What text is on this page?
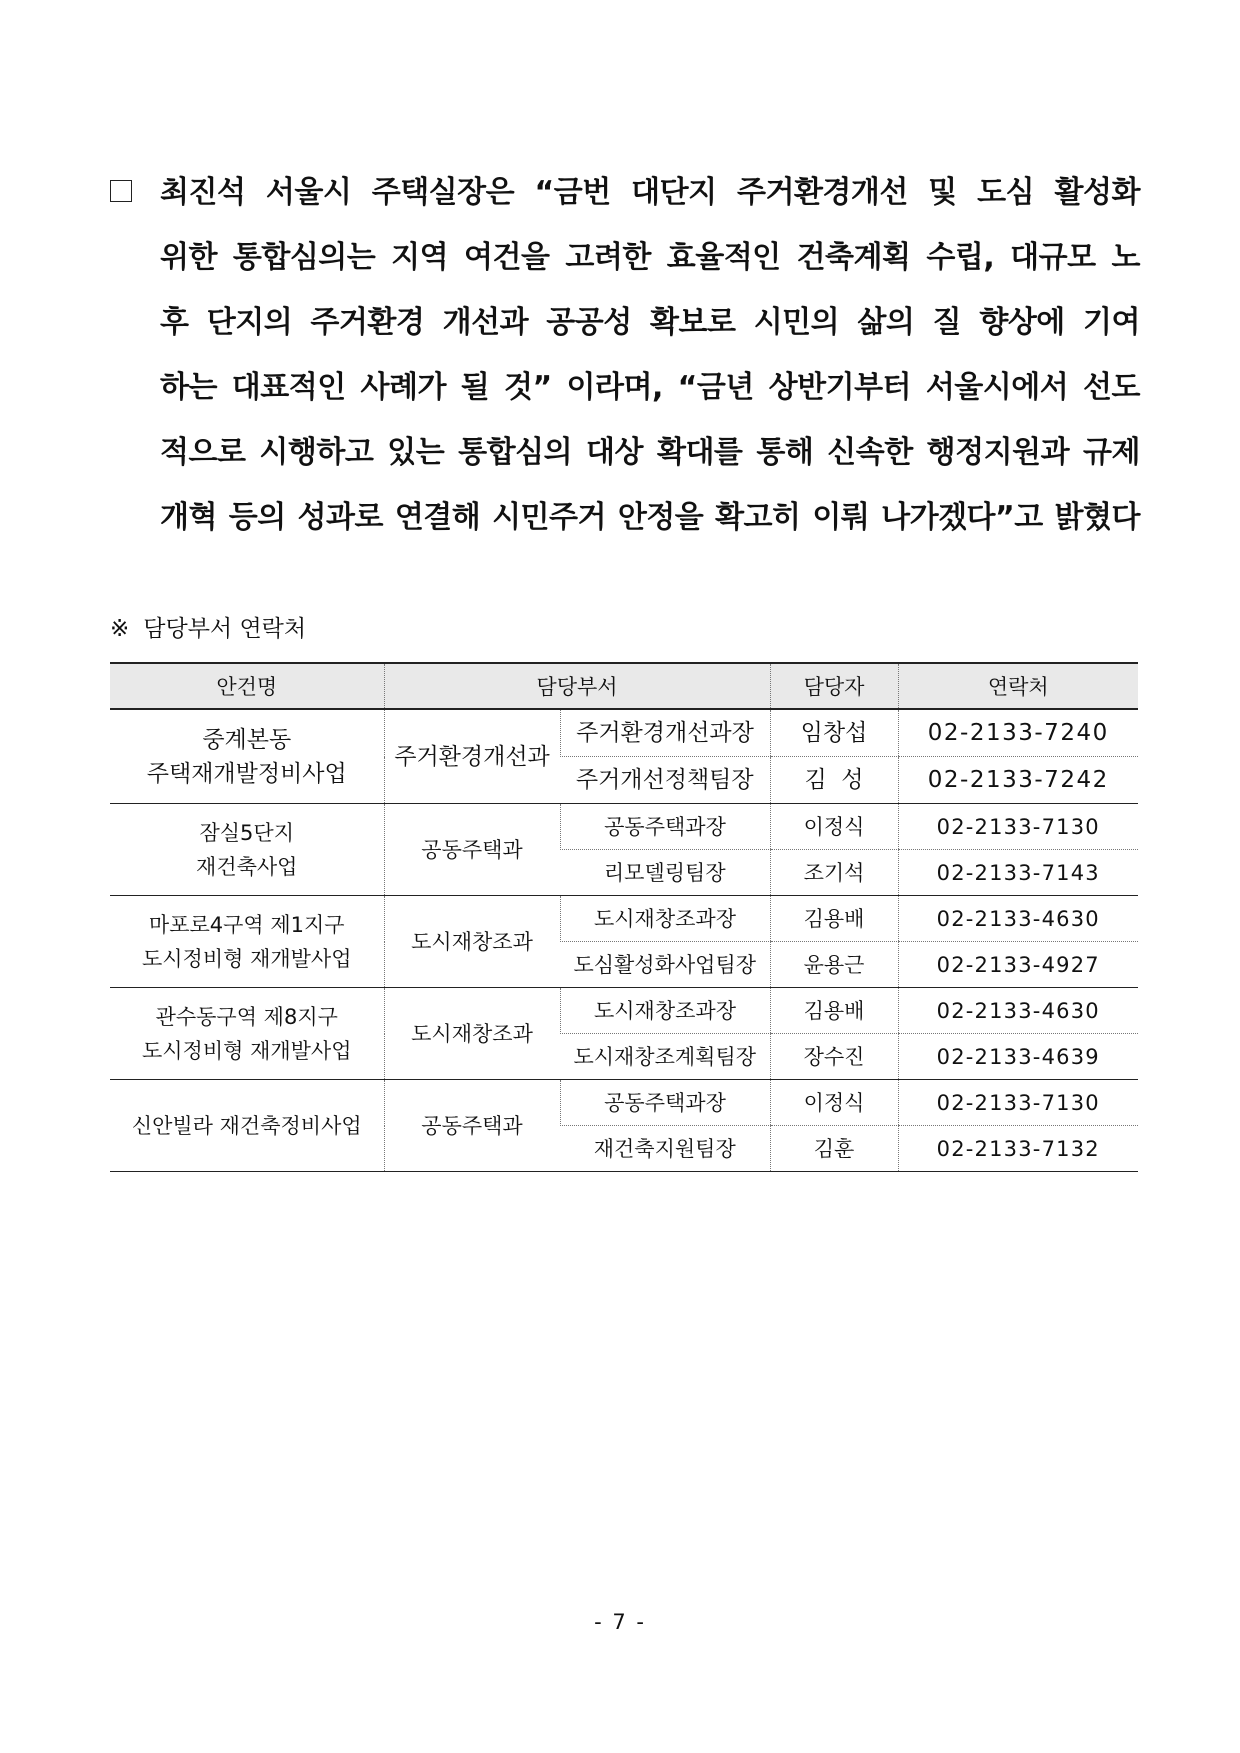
최진석 서울시 주택실장은 “금번 대단지 주거환경개선 및 도심 활성화
위한 통합심의는 지역 여건을 고려한 효율적인 건축계획 수립, 대규모 노
후 단지의 주거환경 개선과 공공성 확보로 시민의 삶의 질 향상에 기여
하는 대표적인 사례가 될 것” 이라며, “금년 상반기부터 서울시에서 선도
적으로 시행하고 있는 통합심의 대상 확대를 통해 신속한 행정지원과 규제
개혁 등의 성과로 연결해 시민주거 안정을 확고히 이뤄 나가겠다”고 밝혔다
※ 담당부서 연락처
안건명	담당부서		담당자	연락처

중계본동
주택재개발정비사업	주거환경개선과	주거환경개선과장	임창섭	02-2133-7240
		주거개선정책팀장	김  성	02-2133-7242

잠실5단지
재건축사업	공동주택과	공동주택과장	이정식	02-2133-7130
		리모델링팀장	조기석	02-2133-7143

마포로4구역 제1지구
도시정비형 재개발사업	도시재창조과	도시재창조과장	김용배	02-2133-4630
		도심활성화사업팀장	윤용근	02-2133-4927

관수동구역 제8지구
도시정비형 재개발사업	도시재창조과	도시재창조과장	김용배	02-2133-4630
		도시재창조계획팀장	장수진	02-2133-4639

신안빌라 재건축정비사업	공동주택과	공동주택과장	이정식	02-2133-7130
		재건축지원팀장	김훈	02-2133-7132
- 7 -
